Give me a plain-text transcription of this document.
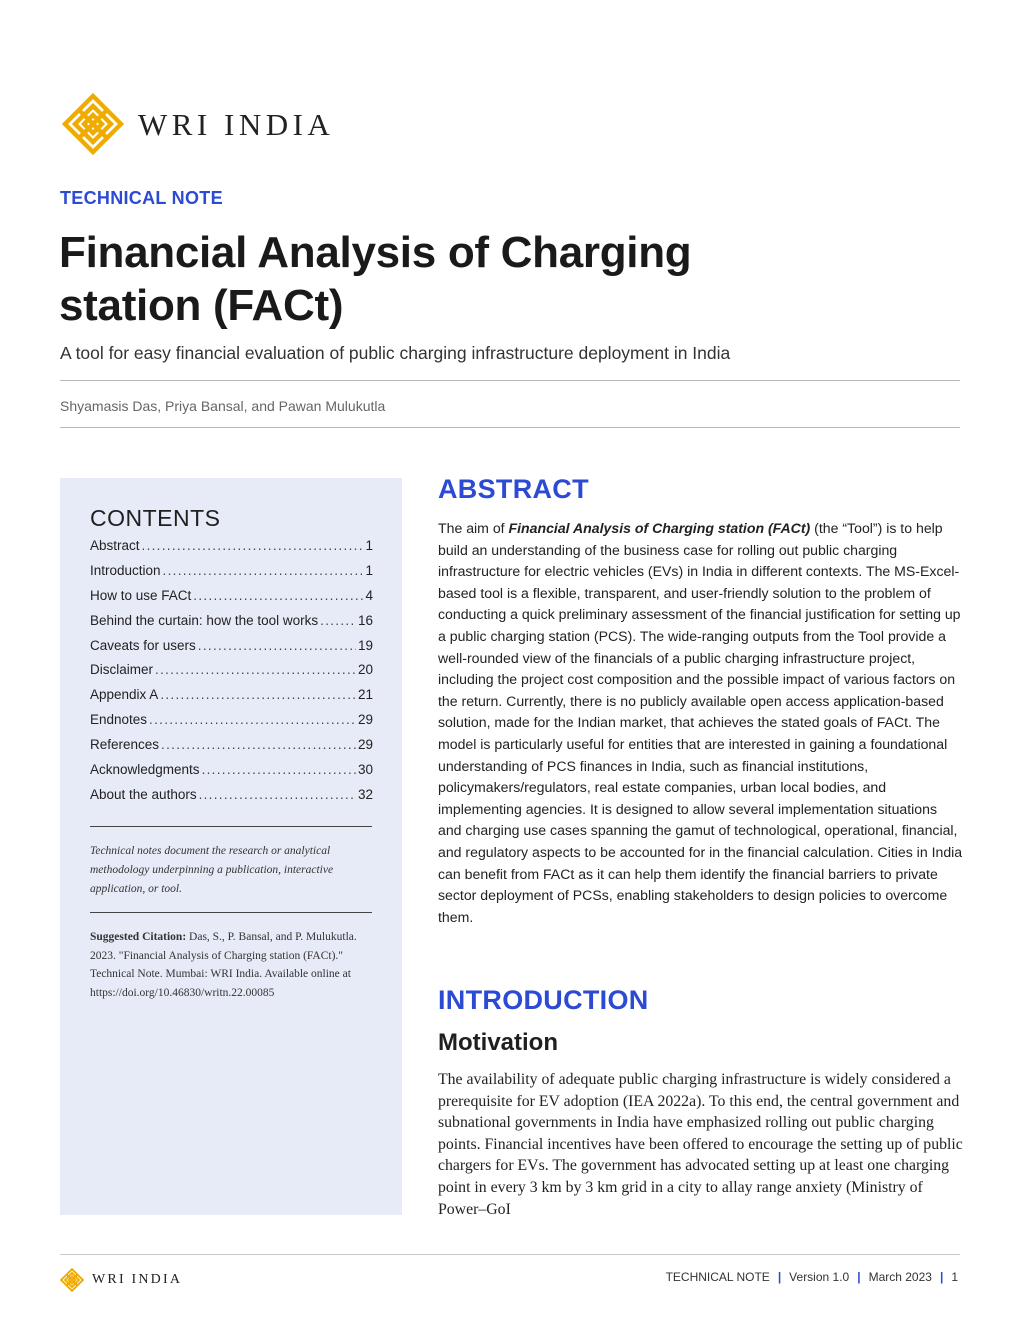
WRI INDIA
TECHNICAL NOTE
Financial Analysis of Charging
station (FACt)
A tool for easy financial evaluation of public charging infrastructure deployment in India
Shyamasis Das, Priya Bansal, and Pawan Mulukutla
CONTENTS
Abstract .....	1
Introduction .....	1
How to use FACt .....	4
Behind the curtain: how the tool works .....	16
Caveats for users .....	19
Disclaimer .....	20
Appendix A .....	21
Endnotes .....	29
References .....	29
Acknowledgments .....	30
About the authors .....	32
Technical notes document the research or analytical methodology underpinning a publication, interactive application, or tool.
Suggested Citation: Das, S., P. Bansal, and P. Mulukutla. 2023. "Financial Analysis of Charging station (FACt)." Technical Note. Mumbai: WRI India. Available online at https://doi.org/10.46830/writn.22.00085
ABSTRACT

The aim of Financial Analysis of Charging station (FACt) (the “Tool”) is to help build an understanding of the business case for rolling out public charging infrastructure for electric vehicles (EVs) in India in different contexts. The MS-Excel-based tool is a flexible, transparent, and user-friendly solution to the problem of conducting a quick preliminary assessment of the financial justification for setting up a public charging station (PCS). The wide-ranging outputs from the Tool provide a well-rounded view of the financials of a public charging infrastructure project, including the project cost composition and the possible impact of various factors on the return. Currently, there is no publicly available open access application-based solution, made for the Indian market, that achieves the stated goals of FACt. The model is particularly useful for entities that are interested in gaining a foundational understanding of PCS finances in India, such as financial institutions, policymakers/regulators, real estate companies, urban local bodies, and implementing agencies. It is designed to allow several implementation situations and charging use cases spanning the gamut of technological, operational, financial, and regulatory aspects to be accounted for in the financial calculation. Cities in India can benefit from FACt as it can help them identify the financial barriers to private sector deployment of PCSs, enabling stakeholders to design policies to overcome them.

INTRODUCTION
Motivation

The availability of adequate public charging infrastructure is widely considered a prerequisite for EV adoption (IEA 2022a). To this end, the central government and subnational governments in India have emphasized rolling out public charging points. Financial incentives have been offered to encourage the setting up of public chargers for EVs. The government has advocated setting up at least one charging point in every 3 km by 3 km grid in a city to allay range anxiety (Ministry of Power–GoI

WRI INDIA	TECHNICAL NOTE | Version 1.0 | March 2023 | 1
